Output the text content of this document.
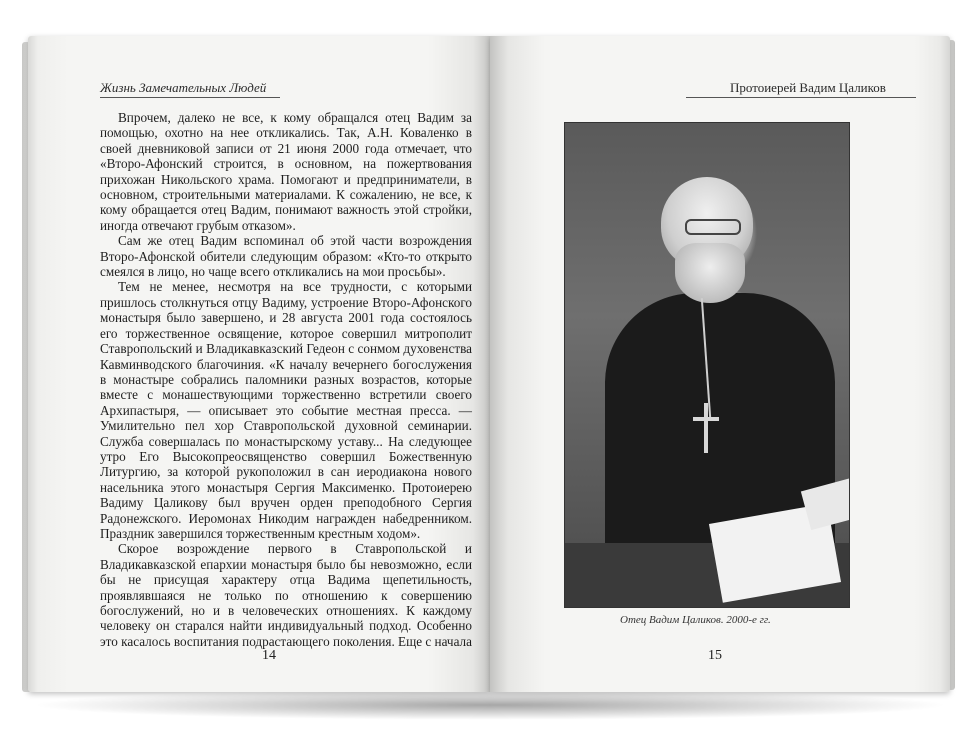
Жизнь Замечательных Людей

Впрочем, далеко не все, к кому обращался отец Вадим за помощью, охотно на нее откликались. Так, А.Н. Коваленко в своей дневниковой записи от 21 июня 2000 года отмечает, что «Второ-Афонский строится, в основном, на пожертвования прихожан Никольского храма. Помогают и предприниматели, в основном, строительными материалами. К сожалению, не все, к кому обращается отец Вадим, понимают важность этой стройки, иногда отвечают грубым отказом».

Сам же отец Вадим вспоминал об этой части возрождения Второ-Афонской обители следующим образом: «Кто-то открыто смеялся в лицо, но чаще всего откликались на мои просьбы».

Тем не менее, несмотря на все трудности, с которыми пришлось столкнуться отцу Вадиму, устроение Второ-Афонского монастыря было завершено, и 28 августа 2001 года состоялось его торжественное освящение, которое совершил митрополит Ставропольский и Владикавказский Гедеон с сонмом духовенства Кавминводского благочиния. «К началу вечернего богослужения в монастыре собрались паломники разных возрастов, которые вместе с монашествующими торжественно встретили своего Архипастыря, — описывает это событие местная пресса. — Умилительно пел хор Ставропольской духовной семинарии. Служба совершалась по монастырскому уставу... На следующее утро Его Высокопреосвященство совершил Божественную Литургию, за которой рукоположил в сан иеродиакона нового насельника этого монастыря Сергия Максименко. Протоиерею Вадиму Цаликову был вручен орден преподобного Сергия Радонежского. Иеромонах Никодим награжден набедренником. Праздник завершился торжественным крестным ходом».

Скорое возрождение первого в Ставропольской и Владикавказской епархии монастыря было бы невозможно, если бы не присущая характеру отца Вадима щепетильность, проявлявшаяся не только по отношению к совершению богослужений, но и в человеческих отношениях. К каждому человеку он старался найти индивидуальный подход. Особенно это касалось воспитания подрастающего поколения. Еще с начала

14
Протоиерей Вадим Цаликов
Отец Вадим Цаликов. 2000-е гг.
15
